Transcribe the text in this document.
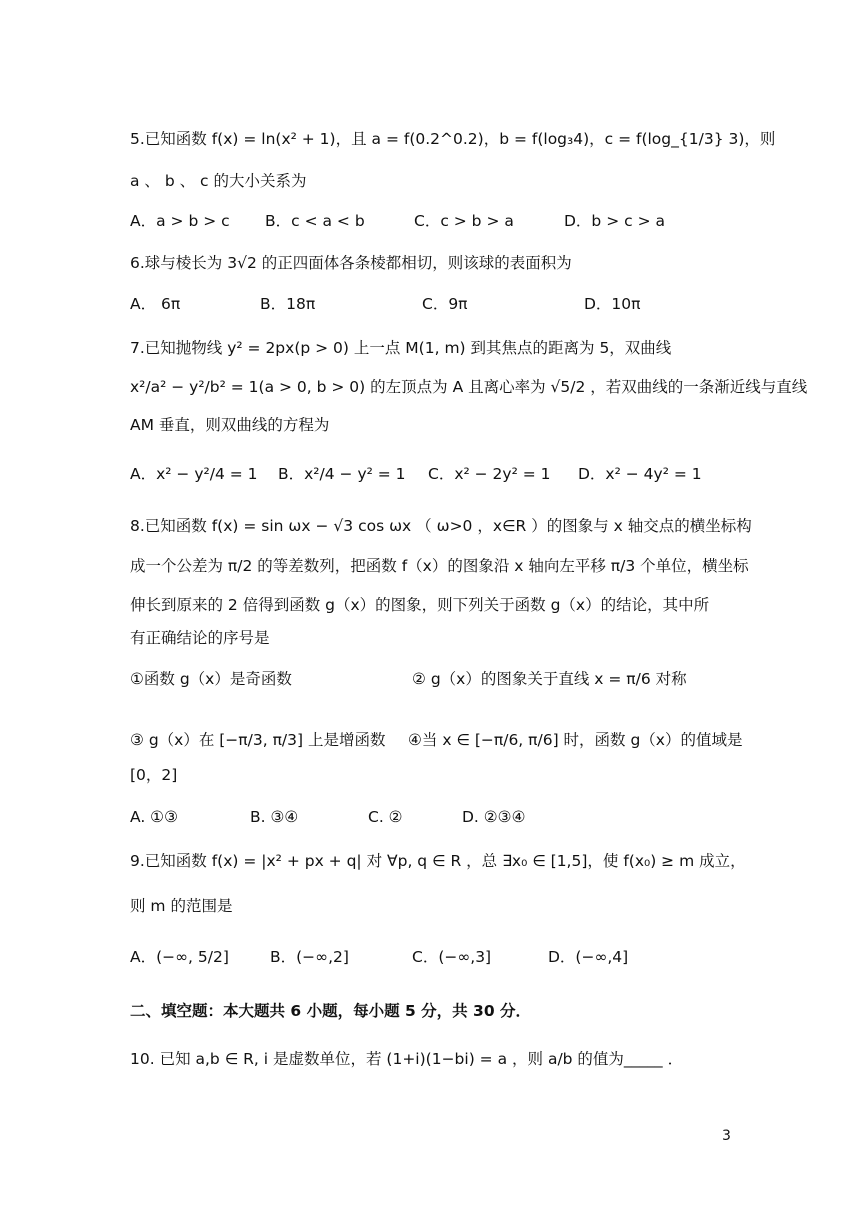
5.已知函数 f(x) = ln(x² + 1)，且 a = f(0.2^0.2)，b = f(log₃4)，c = f(log_{1/3} 3)，则
a 、 b 、 c 的大小关系为
A．a > b > c B．c < a < b	C．c > b > a	D．b > c > a
6.球与棱长为 3√2 的正四面体各条棱都相切，则该球的表面积为
A． 6π	B．18π	C．9π	D．10π
7.已知抛物线 y² = 2px(p > 0) 上一点 M(1, m) 到其焦点的距离为 5，双曲线
x²/a² − y²/b² = 1(a > 0, b > 0) 的左顶点为 A 且离心率为 √5/2 ，若双曲线的一条渐近线与直线
AM 垂直，则双曲线的方程为
A．x² − y²/4 = 1 B．x²/4 − y² = 1 C．x² − 2y² = 1 D．x² − 4y² = 1
8.已知函数 f(x) = sin ωx − √3 cos ωx （ ω>0 ，x∈R ）的图象与 x 轴交点的横坐标构
成一个公差为 π/2 的等差数列，把函数 f（x）的图象沿 x 轴向左平移 π/3 个单位，横坐标
伸长到原来的 2 倍得到函数 g（x）的图象，则下列关于函数 g（x）的结论，其中所
有正确结论的序号是
①函数 g（x）是奇函数	② g（x）的图象关于直线 x = π/6 对称
③ g（x）在 [−π/3, π/3] 上是增函数 ④当 x ∈ [−π/6, π/6] 时，函数 g（x）的值域是
[0，2]
A. ①③	B. ③④	C. ②	D. ②③④
9.已知函数 f(x) = |x² + px + q| 对 ∀p, q ∈ R ，总 ∃x₀ ∈ [1,5]，使 f(x₀) ≥ m 成立，
则 m 的范围是
A．(−∞, 5/2]	B．(−∞,2]	C．(−∞,3]	D．(−∞,4]
二、填空题：本大题共 6 小题，每小题 5 分，共 30 分．
10. 已知 a,b ∈ R, i 是虚数单位，若 (1+i)(1−bi) = a ，则 a/b 的值为_____ ．
3
